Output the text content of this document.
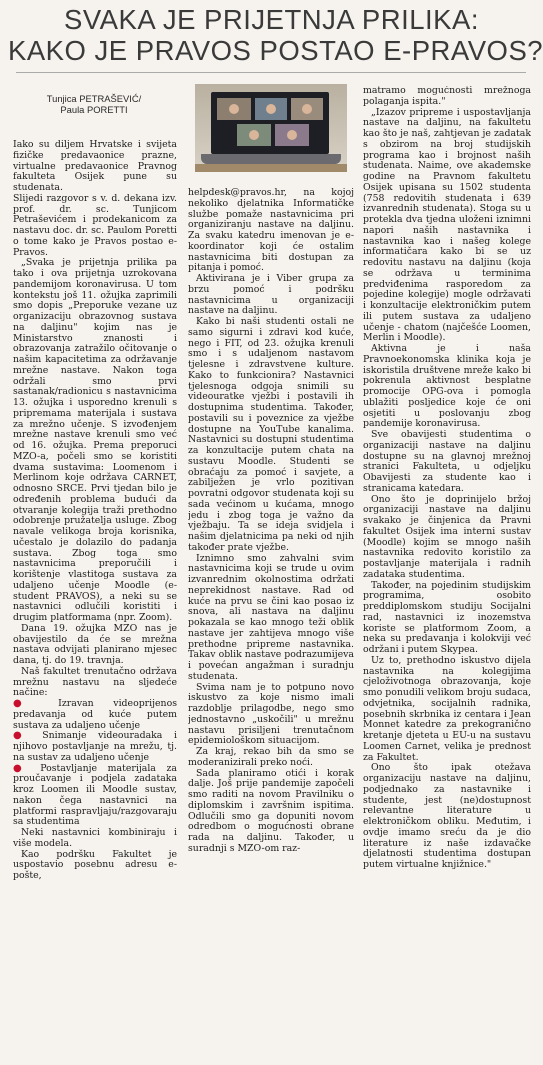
SVAKA JE PRIJETNJA PRILIKA:
KAKO JE PRAVOS POSTAO E-PRAVOS?
Tunjica PETRAŠEVIĆ/
Paula PORETTI

Iako su diljem Hrvatske i svijeta fizičke predavaonice prazne, virtualne predavaonice Pravnog fakulteta Osijek pune su studenata.

Slijedi razgovor s v. d. dekana izv. prof. dr. sc. Tunjicom Petraševićem i prodekanicom za nastavu doc. dr. sc. Paulom Poretti o tome kako je Pravos postao e-Pravos.

„Svaka je prijetnja prilika pa tako i ova prijetnja uzrokovana pandemijom koronavirusa. U tom kontekstu još 11. ožujka zaprimili smo dopis „Preporuke vezane uz organizaciju obrazovnog sustava na daljinu" kojim nas je Ministarstvo znanosti i obrazovanja zatražilo očitovanje o našim kapacitetima za održavanje mrežne nastave. Nakon toga održali smo prvi sastanak/radionicu s nastavnicima 13. ožujka i usporedno krenuli s pripremama materijala i sustava za mrežno učenje. S izvođenjem mrežne nastave krenuli smo već od 16. ožujka. Prema preporuci MZO-a, počeli smo se koristiti dvama sustavima: Loomenom i Merlinom koje održava CARNET, odnosno SRCE. Prvi tjedan bilo je određenih problema budući da otvaranje kolegija traži prethodno odobrenje pružatelja usluge. Zbog navale velikoga broja korisnika, učestalo je dolazilo do padanja sustava. Zbog toga smo nastavnicima preporučili i korištenje vlastitoga sustava za udaljeno učenje Moodle (e-student PRAVOS), a neki su se nastavnici odlučili koristiti i drugim platformama (npr. Zoom).

Dana 19. ožujka MZO nas je obavijestilo da će se mrežna nastava odvijati planirano mjesec dana, tj. do 19. travnja.

Naš fakultet trenutačno održava mrežnu nastavu na sljedeće načine:

● Izravan videoprijenos predavanja od kuće putem sustava za udaljeno učenje

● Snimanje videouradaka i njihovo postavljanje na mrežu, tj. na sustav za udaljeno učenje

● Postavljanje materijala za proučavanje i podjela zadataka kroz Loomen ili Moodle sustav, nakon čega nastavnici na platformi raspravljaju/razgovaraju sa studentima

Neki nastavnici kombiniraju i više modela.

Kao podršku Fakultet je uspostavio posebnu adresu e-pošte,

helpdesk@pravos.hr, na kojoj nekoliko djelatnika Informatičke službe pomaže nastavnicima pri organiziranju nastave na daljinu. Za svaku katedru imenovan je e-koordinator koji će ostalim nastavnicima biti dostupan za pitanja i pomoć.

Aktivirana je i Viber grupa za brzu pomoć i podršku nastavnicima u organizaciji nastave na daljinu.

Kako bi naši studenti ostali ne samo sigurni i zdravi kod kuće, nego i FIT, od 23. ožujka krenuli smo i s udaljenom nastavom tjelesne i zdravstvene kulture. Kako to funkcionira? Nastavnici tjelesnoga odgoja snimili su videouratke vježbi i postavili ih dostupnima studentima. Također, postavili su i poveznice za vježbe dostupne na YouTube kanalima. Nastavnici su dostupni studentima za konzultacije putem chata na sustavu Moodle. Studenti se obraćaju za pomoć i savjete, a zabilježen je vrlo pozitivan povratni odgovor studenata koji su sada većinom u kućama, mnogo jedu i zbog toga je važno da vježbaju. Ta se ideja svidjela i našim djelatnicima pa neki od njih također prate vježbe.

Iznimno smo zahvalni svim nastavnicima koji se trude u ovim izvanrednim okolnostima održati neprekidnost nastave. Rad od kuće na prvu se čini kao posao iz snova, ali nastava na daljinu pokazala se kao mnogo teži oblik nastave jer zahtijeva mnogo više prethodne pripreme nastavnika. Takav oblik nastave podrazumijeva i povećan angažman i suradnju studenata.

Svima nam je to potpuno novo iskustvo za koje nismo imali razdoblje prilagodbe, nego smo jednostavno „uskočili" u mrežnu nastavu prisiljeni trenutačnom epidemiološkom situacijom.

Za kraj, rekao bih da smo se moderanizirali preko noći.

Sada planiramo otići i korak dalje. Još prije pandemije započeli smo raditi na novom Pravilniku o diplomskim i završnim ispitima. Odlučili smo ga dopuniti novom odredbom o mogućnosti obrane rada na daljinu. Također, u suradnji s MZO-om raz-

matramo mogućnosti mrežnoga polaganja ispita."

„Izazov pripreme i uspostavljanja nastave na daljinu, na fakultetu kao što je naš, zahtjevan je zadatak s obzirom na broj studijskih programa kao i brojnost naših studenata. Naime, ove akademske godine na Pravnom fakultetu Osijek upisana su 1502 studenta (758 redovitih studenata i 639 izvanrednih studenata). Stoga su u protekla dva tjedna uloženi iznimni napori naših nastavnika i nastavnika kao i našeg kolege informatičara kako bi se uz redovitu nastavu na daljinu (koja se održava u terminima predviđenima rasporedom za pojedine kolegije) mogle održavati i konzultacije elektroničkim putem ili putem sustava za udaljeno učenje - chatom (najčešće Loomen, Merlin i Moodle).

Aktivna je i naša Pravnoekonomska klinika koja je iskoristila društvene mreže kako bi pokrenula aktivnost besplatne promocije OPG-ova i pomogla ublažiti posljedice koje će oni osjetiti u poslovanju zbog pandemije koronavirusa.

Sve obavijesti studentima o organizaciji nastave na daljinu dostupne su na glavnoj mrežnoj stranici Fakulteta, u odjeljku Obavijesti za studente kao i stranicama katedara.

Ono što je doprinijelo bržoj organizaciji nastave na daljinu svakako je činjenica da Pravni fakultet Osijek ima interni sustav (Moodle) kojim se mnogo naših nastavnika redovito koristilo za postavljanje materijala i radnih zadataka studentima.

Također, na pojedinim studijskim programima, osobito preddiplomskom studiju Socijalni rad, nastavnici iz inozemstva koriste se platformom Zoom, a neka su predavanja i kolokviji već održani i putem Skypea.

Uz to, prethodno iskustvo dijela nastavnika na kolegijima cjeloživotnoga obrazovanja, koje smo ponudili velikom broju sudaca, odvjetnika, socijalnih radnika, posebnih skrbnika iz centara i Jean Monnet katedre za prekogranično kretanje djeteta u EU-u na sustavu Loomen Carnet, velika je prednost za Fakultet.

Ono što ipak otežava organizaciju nastave na daljinu, podjednako za nastavnike i studente, jest (ne)dostupnost relevantne literature u elektroničkom obliku. Međutim, i ovdje imamo sreću da je dio literature iz naše izdavačke djelatnosti studentima dostupan putem virtualne knjižnice."
